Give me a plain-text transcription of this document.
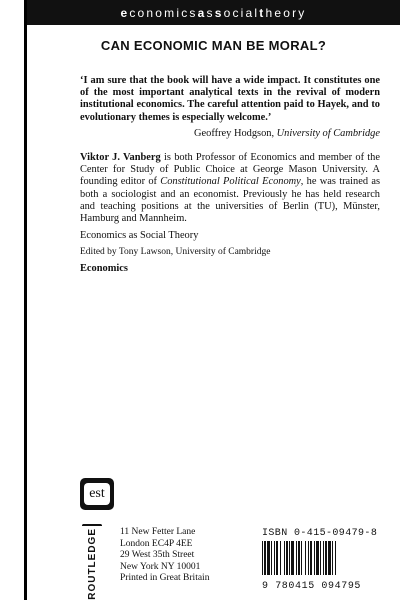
e conomics a s s ocial t heory
CAN ECONOMIC MAN BE MORAL?
‘I am sure that the book will have a wide impact. It constitutes one of the most important analytical texts in the revival of modern institutional economics. The careful attention paid to Hayek, and to evolutionary themes is especially welcome.’
Geoffrey Hodgson, University of Cambridge
Viktor J. Vanberg is both Professor of Economics and member of the Center for Study of Public Choice at George Mason University. A founding editor of Constitutional Political Economy, he was trained as both a sociologist and an economist. Previously he has held research and teaching positions at the universities of Berlin (TU), Münster, Hamburg and Mannheim.
Economics as Social Theory
Edited by Tony Lawson, University of Cambridge
Economics
est
ROUTLEDGE 11 New Fetter Lane
London EC4P 4EE
29 West 35th Street
New York NY 10001
Printed in Great Britain
ISBN 0-415-09479-8
9 780415 094795
